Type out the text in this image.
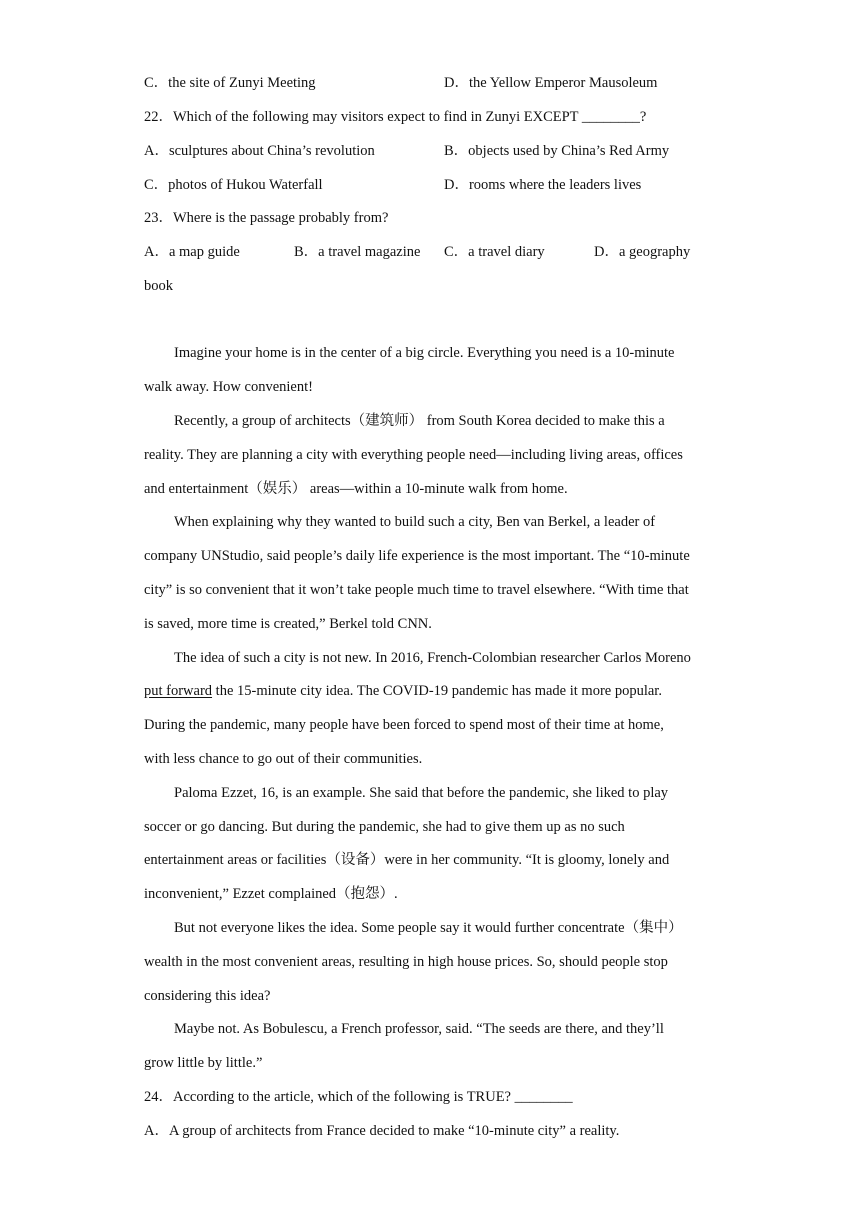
C．the site of Zunyi Meeting	D．the Yellow Emperor Mausoleum
22．Which of the following may visitors expect to find in Zunyi EXCEPT ________?
A．sculptures about China’s revolution	B．objects used by China’s Red Army
C．photos of Hukou Waterfall	D．rooms where the leaders lives
23．Where is the passage probably from?
A．a map guide	B．a travel magazine C．a travel diary	D．a geography
book
Imagine your home is in the center of a big circle. Everything you need is a 10-minute
walk away. How convenient!
Recently, a group of architects（建筑师） from South Korea decided to make this a
reality. They are planning a city with everything people need—including living areas, offices
and entertainment（娱乐） areas—within a 10-minute walk from home.
When explaining why they wanted to build such a city, Ben van Berkel, a leader of
company UNStudio, said people’s daily life experience is the most important. The “10-minute
city” is so convenient that it won’t take people much time to travel elsewhere. “With time that
is saved, more time is created,” Berkel told CNN.
The idea of such a city is not new. In 2016, French-Colombian researcher Carlos Moreno
put forward the 15-minute city idea. The COVID-19 pandemic has made it more popular.
During the pandemic, many people have been forced to spend most of their time at home,
with less chance to go out of their communities.
Paloma Ezzet, 16, is an example. She said that before the pandemic, she liked to play
soccer or go dancing. But during the pandemic, she had to give them up as no such
entertainment areas or facilities（设备）were in her community. “It is gloomy, lonely and
inconvenient,” Ezzet complained（抱怨）.
But not everyone likes the idea. Some people say it would further concentrate（集中）
wealth in the most convenient areas, resulting in high house prices. So, should people stop
considering this idea?
Maybe not. As Bobulescu, a French professor, said. “The seeds are there, and they’ll
grow little by little.”
24．According to the article, which of the following is TRUE? ________
A．A group of architects from France decided to make “10-minute city” a reality.
